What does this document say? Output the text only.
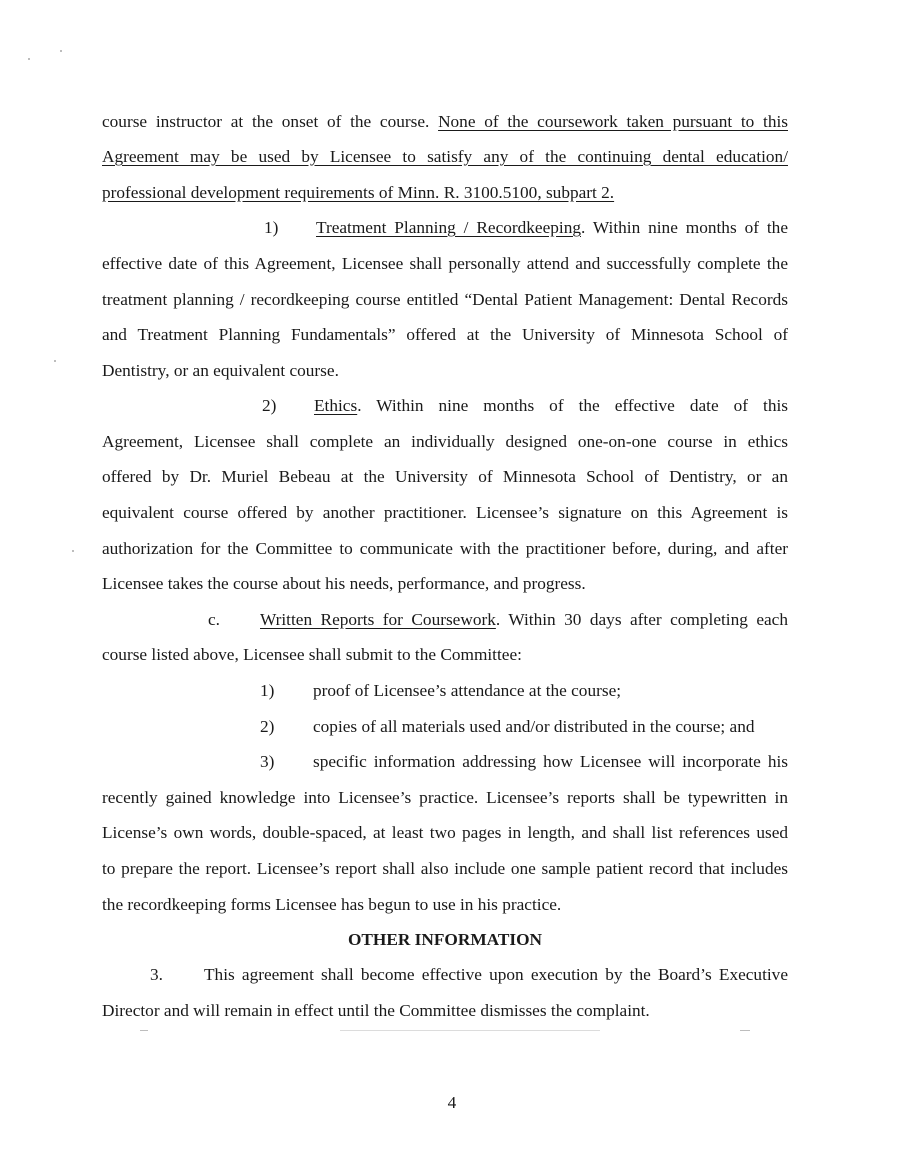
course instructor at the onset of the course. None of the coursework taken pursuant to this
Agreement may be used by Licensee to satisfy any of the continuing dental education/
professional development requirements of Minn. R. 3100.5100, subpart 2.
1) Treatment Planning / Recordkeeping. Within nine months of the
effective date of this Agreement, Licensee shall personally attend and successfully complete the
treatment planning / recordkeeping course entitled “Dental Patient Management: Dental Records
and Treatment Planning Fundamentals” offered at the University of Minnesota School of
Dentistry, or an equivalent course.
2) Ethics. Within nine months of the effective date of this
Agreement, Licensee shall complete an individually designed one-on-one course in ethics
offered by Dr. Muriel Bebeau at the University of Minnesota School of Dentistry, or an
equivalent course offered by another practitioner. Licensee’s signature on this Agreement is
authorization for the Committee to communicate with the practitioner before, during, and after
Licensee takes the course about his needs, performance, and progress.
c. Written Reports for Coursework. Within 30 days after completing each
course listed above, Licensee shall submit to the Committee:
1) proof of Licensee’s attendance at the course;
2) copies of all materials used and/or distributed in the course; and
3) specific information addressing how Licensee will incorporate his
recently gained knowledge into Licensee’s practice. Licensee’s reports shall be typewritten in
License’s own words, double-spaced, at least two pages in length, and shall list references used
to prepare the report. Licensee’s report shall also include one sample patient record that includes
the recordkeeping forms Licensee has begun to use in his practice.
OTHER INFORMATION
3. This agreement shall become effective upon execution by the Board’s Executive
Director and will remain in effect until the Committee dismisses the complaint.
4
